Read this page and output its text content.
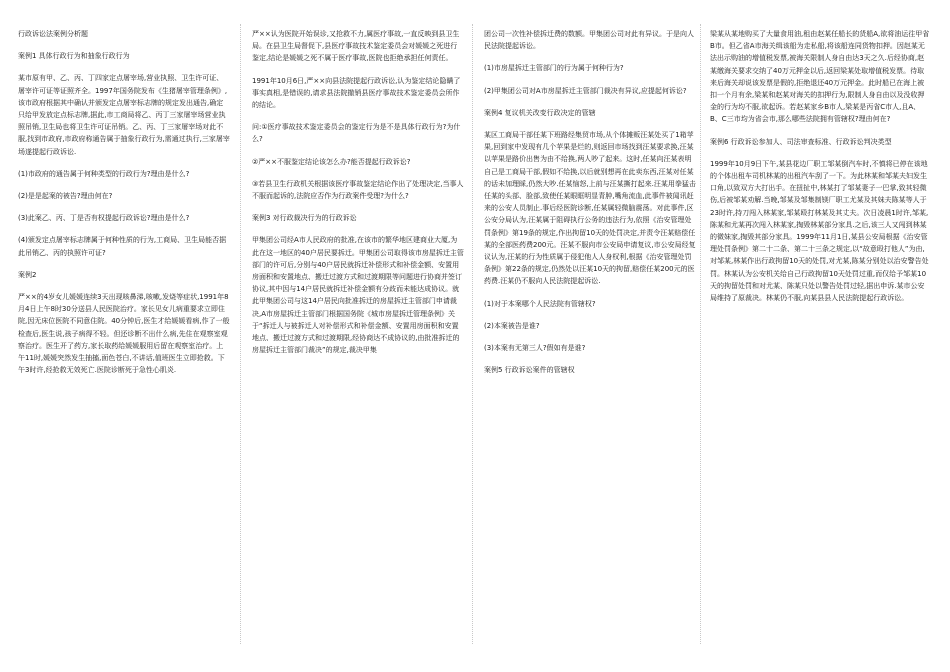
行政诉讼法案例分析题

案例1 具体行政行为和抽象行政行为

某市原有甲、乙、丙、丁四家定点屠宰场,营业执照、卫生许可证、屠宰许可证等证照齐全。1997年国务院发布《生猪屠宰管理条例》,该市政府根据其中确认并颁发定点屠宰标志牌的规定发出通告,确定只给甲发放定点标志牌,据此,市工商局将乙、丙丁三家屠宰场营业执照吊销,卫生局也将卫生许可证吊销。乙、丙、丁三家屠宰场对此不服,找到市政府,市政府称通告属于抽象行政行为,需通过执行,三家屠宰场遂提起行政诉讼.

(1)市政府的通告属于何种类型的行政行为?理由是什么?

(2)是是起案的被告?理由何在?

(3)此案乙、丙、丁是否有权提起行政诉讼?理由是什么?

(4)颁发定点屠宰标志牌属于何种性质的行为,工商局、卫生局能否据此吊销乙、丙的执照许可证?

案例2

严××的4岁女儿媛媛连续3天出现咳鼻涕,咳嗽,发烧等症状,1991年8月4日上午8时30分送县人民医院治疗。家长见女儿病重要求立即住院,因无床位医院不同意住院。40分钟后,医生才给媛媛看病,作了一般检查后,医生说,孩子病得不轻。但还诊断不出什么病,先住在观察室观察治疗。医生开了药方,家长取药给媛媛服用后留在观察室治疗。上午11时,媛媛突然发生抽搐,面色苍白,不讲话,值班医生立即抢救。下午3时许,经抢救无效死亡.医院诊断死于急性心肌炎.

严××认为医院开始误诊,又抢救不力,属医疗事故,一直反映到县卫生局。在县卫生局督促下,县医疗事故技术鉴定委员会对媛媛之死进行鉴定,结论是媛媛之死不属于医疗事故,医院也拒绝承担任何责任。

1991年10月6日,严××向县法院提起行政诉讼,认为鉴定结论隐瞒了事实真相,是错误的,请求县法院撤销县医疗事故技术鉴定委员会所作的结论。

问:①医疗事故技术鉴定委员会的鉴定行为是不是具体行政行为?为什么?

②严××不服鉴定结论该怎么办?能否提起行政诉讼?

③若县卫生行政机关根据该医疗事故鉴定结论作出了处理决定,当事人不服而起诉的,法院应否作为行政案件受理?为什么?

案例3 对行政裁决行为的行政诉讼

甲集团公司经A市人民政府的批准,在该市的繁华地区建商业大厦,为此在这一地区的40户居民要拆迁。甲集团公司取得该市房屋拆迁主管部门的许可后,分别与40户居民就拆迁补偿形式和补偿金额、安置用房面积和安置地点、搬迁过渡方式和过渡期限等问题进行协商并签订协议,其中因与14户居民就拆迁补偿金额有分歧而未能达成协议。就此甲集团公司与这14户居民向批准拆迁的房屋拆迁主管部门申请裁决,A市房屋拆迁主管部门根据国务院《城市房屋拆迁管理条例》关于“拆迁人与被拆迁人对补偿形式和补偿金额、安置用房面积和安置地点、搬迁过渡方式和过渡期限,经协商达不成协议的,由批准拆迁的房屋拆迁主管部门裁决”的规定,裁决甲集

团公司一次性补偿拆迁费的数额。甲集团公司对此有异议。于是向人民法院提起诉讼。

(1)市房屋拆迁主管部门的行为属于何种行为?

(2)甲集团公司对A市房屋拆迁主管部门裁决有异议,应提起何诉讼?

案例4 复议机关改变行政决定的管辖

某区工商局干部任某下班路经集贸市场,从个体摊贩汪某处买了1箱苹果,回到家中发现有几个苹果是烂的,则返回市场找到汪某要求换,汪某以苹果是路价出售为由不给换,两人吵了起来。这时,任某向汪某表明自己是工商局干部,假如不给换,以后就别想再在此卖东西,汪某对任某的话未加理睬,仍然大吵.任某恼怒,上前与汪某撕打起来.汪某用拳猛击任某的头部、脸部,致使任某眼眶明显青肿,嘴角流血,此事件被闻讯赶来的公安人员制止.事后经医院诊断,任某属轻微脑震荡。对此事件,区公安分局认为,汪某属于阻碍执行公务的违法行为,依照《治安管理处罚条例》第19条的规定,作出拘留10天的处罚决定,并责令汪某赔偿任某的全部医药费200元。汪某不服向市公安局申请复议,市公安局经复议认为,汪某的行为性质属于侵犯他人人身权利,根据《治安管理处罚条例》第22条的规定,仍然处以汪某10天的拘留,赔偿任某200元的医药费.汪某仍不服向人民法院提起诉讼.

(1)对于本案哪个人民法院有管辖权?

(2)本案被告是谁?

(3)本案有无第三人?假如有是谁?

案例5 行政诉讼案件的管辖权

梁某从某地购买了大量食用油,租由赵某任船长的货船A,欲将油运往甲省B市。但乙省A市海关缉该船为走私船,将该船连同货物扣押。因赵某无法出示购油的增值税发票,被海关限制人身自由达3天之久.后经协商,赵某缴海关要求交纳了40万元押金以后,返回梁某处取增值税发票。待取来后海关却说该发票是假的,拒绝退还40万元押金。此时船已在海上被扣一个月有余,梁某和赵某对海关的扣押行为,限制人身自由以及没收押金的行为均不服,欲起诉。若赵某家乡B市人,梁某是丙省C市人,且A、B、C三市均为省会市,那么哪些法院拥有管辖权?理由何在?

案例6 行政诉讼参加人、司法审查标准、行政诉讼判决类型

1999年10月9日下午,某县花边厂职工邹某倒汽车时,不慎将已停在该地的个体出租车司机林某的出租汽车刮了一下。为此林某和邹某夫妇发生口角,以致双方大打出手。在扭扯中,林某打了邹某妻子一巴掌,致其轻微伤,后被邹某劝解.当晚,邹某及邹集制镁厂职工尤某及其妹夫陈某等人于23时许,持刀闯入林某家,邹某殴打林某及其丈夫。次日凌晨1时许,邹某,陈某和尤某再次闯入林某家,掏毁林某部分家具.之后,该三人又闯到林某的微妹家,掏毁其部分家具。1999年11月1日,某县公安局根据《治安管理处罚条例》第二十二条、第二十三条之规定,以“故意殴打他人”为由,对邹某,林某作出行政拘留10天的处罚,对尤某,陈某分别处以治安警告处罚。林某认为公安机关给自己行政拘留10天处罚过重,而仅给予邹某10天的拘留处罚和对尤某、陈某只处以警告处罚过轻,据出申诉.某市公安局维持了原裁决。林某仍不服,向某县县人民法院提起行政诉讼。
